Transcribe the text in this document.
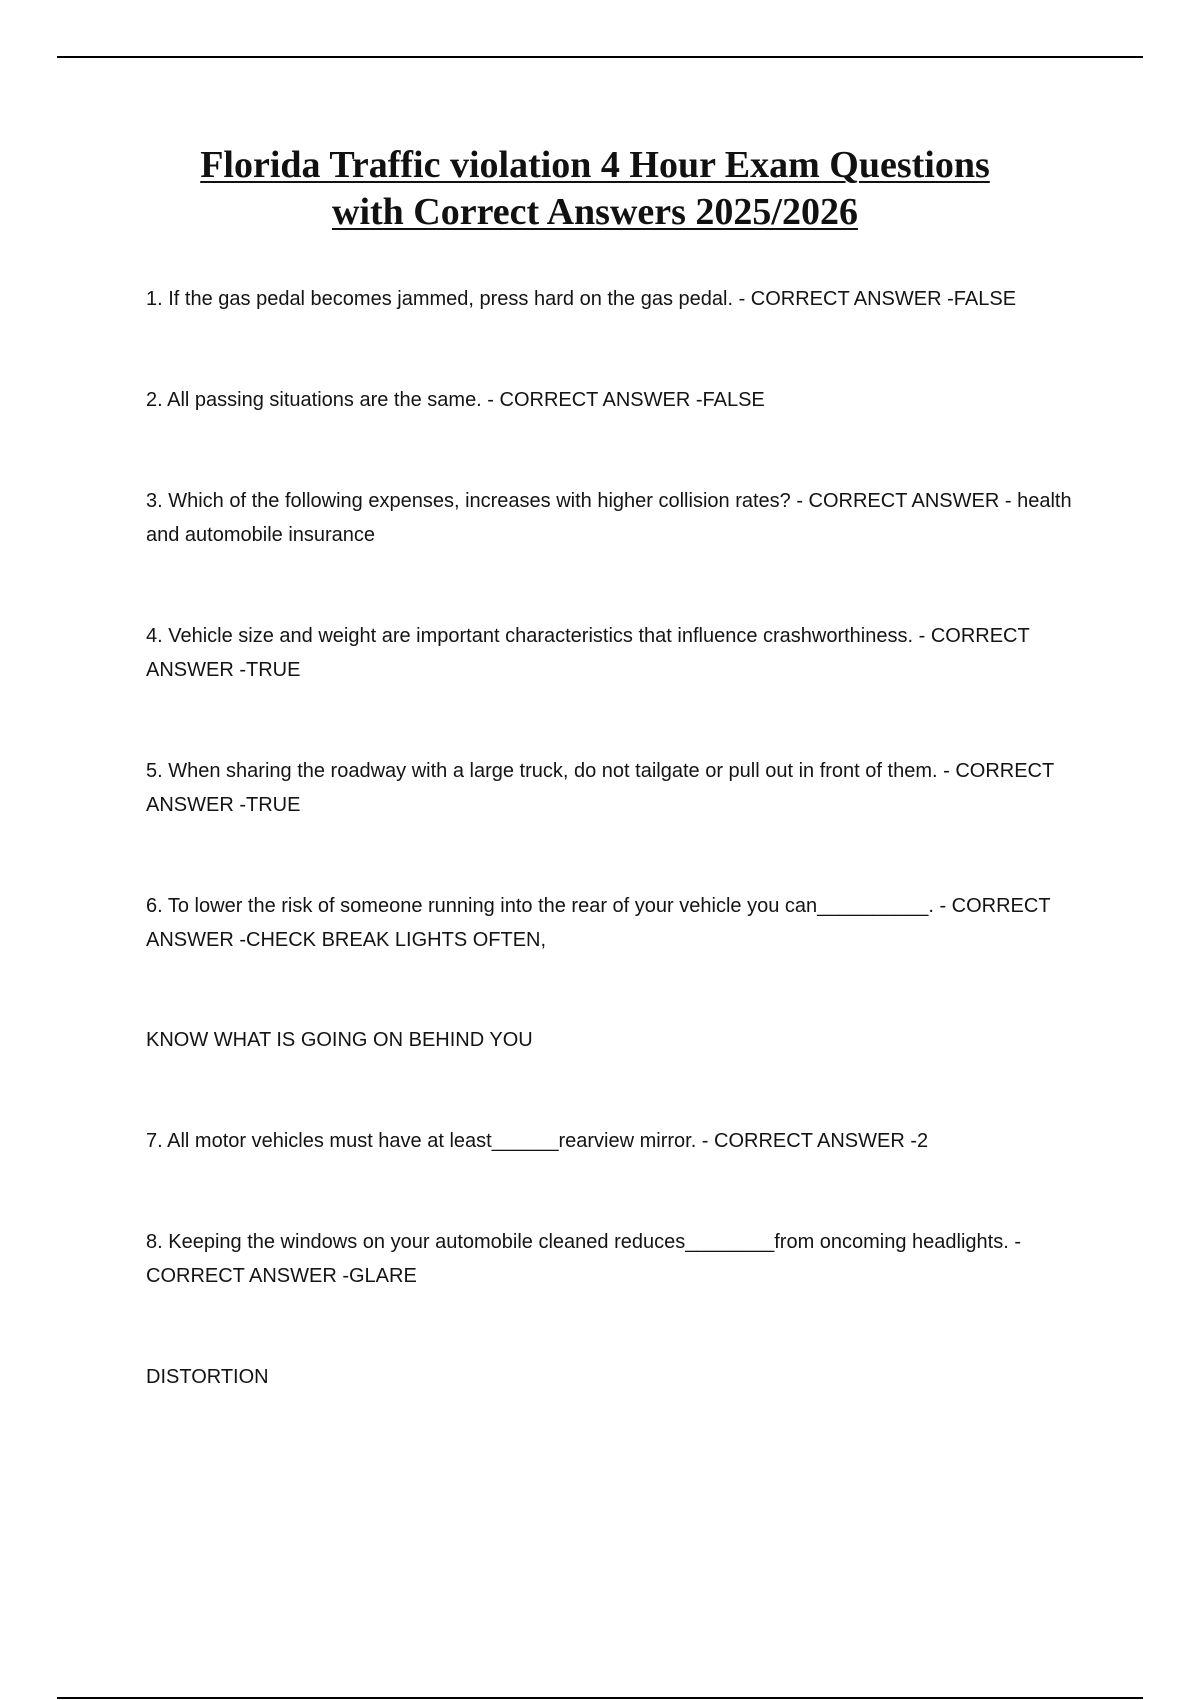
Florida Traffic violation 4 Hour Exam Questions
with Correct Answers 2025/2026

1. If the gas pedal becomes jammed, press hard on the gas pedal. - CORRECT ANSWER -FALSE

2. All passing situations are the same. - CORRECT ANSWER -FALSE

3. Which of the following expenses, increases with higher collision rates? - CORRECT ANSWER - health and automobile insurance

4. Vehicle size and weight are important characteristics that influence crashworthiness. - CORRECT ANSWER -TRUE

5. When sharing the roadway with a large truck, do not tailgate or pull out in front of them. - CORRECT ANSWER -TRUE

6. To lower the risk of someone running into the rear of your vehicle you can__________. - CORRECT ANSWER -CHECK BREAK LIGHTS OFTEN,

KNOW WHAT IS GOING ON BEHIND YOU

7. All motor vehicles must have at least______rearview mirror. - CORRECT ANSWER -2

8. Keeping the windows on your automobile cleaned reduces________from oncoming headlights. - CORRECT ANSWER -GLARE

DISTORTION
